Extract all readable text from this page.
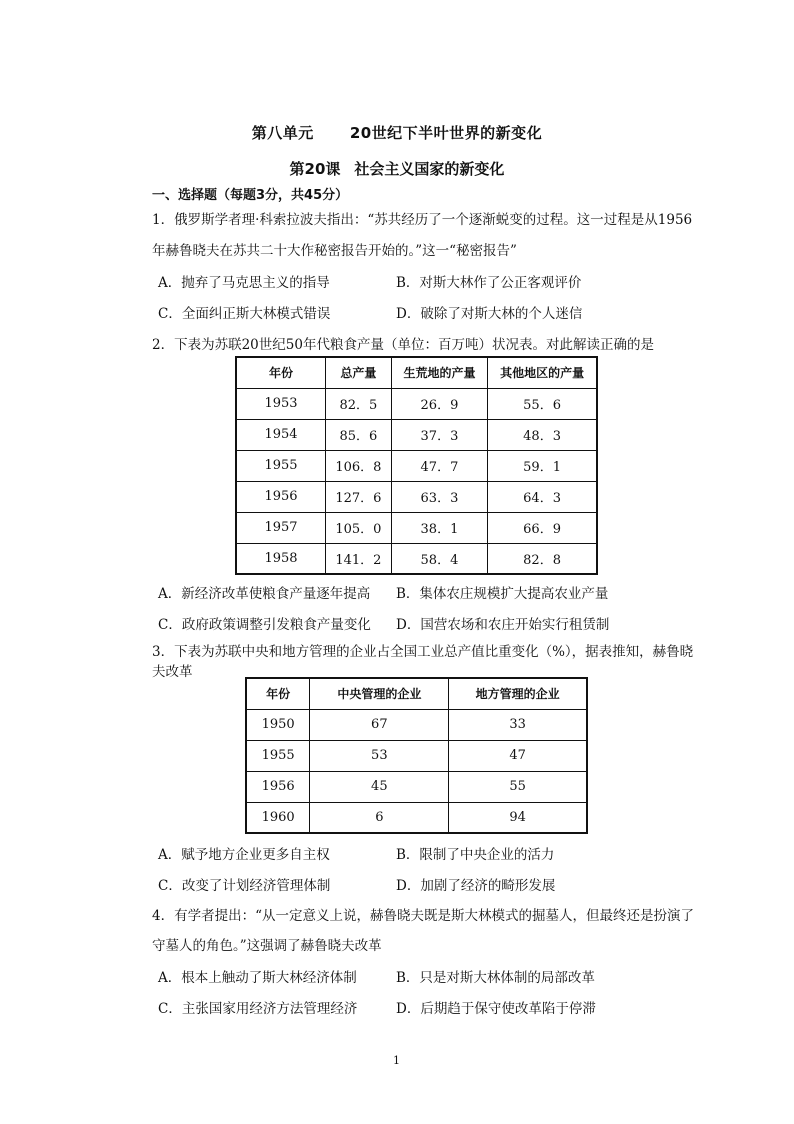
第八单元 20世纪下半叶世界的新变化
第20课 社会主义国家的新变化
一、选择题（每题3分，共45分）
1．俄罗斯学者理·科索拉波夫指出：“苏共经历了一个逐渐蜕变的过程。这一过程是从1956
年赫鲁晓夫在苏共二十大作秘密报告开始的。”这一“秘密报告”
A．抛弃了马克思主义的指导	B．对斯大林作了公正客观评价
C．全面纠正斯大林模式错误	D．破除了对斯大林的个人迷信
2．下表为苏联20世纪50年代粮食产量（单位：百万吨）状况表。对此解读正确的是
年份	总产量	生荒地的产量	其他地区的产量
1953	82．5	26．9	55．6
1954	85．6	37．3	48．3
1955	106．8	47．7	59．1
1956	127．6	63．3	64．3
1957	105．0	38．1	66．9
1958	141．2	58．4	82．8
A．新经济改革使粮食产量逐年提高 B．集体农庄规模扩大提高农业产量
C．政府政策调整引发粮食产量变化 D．国营农场和农庄开始实行租赁制
3．下表为苏联中央和地方管理的企业占全国工业总产值比重变化（%），据表推知，赫鲁晓
夫改革
年份	中央管理的企业	地方管理的企业
1950	67	33
1955	53	47
1956	45	55
1960	6	94
A．赋予地方企业更多自主权	B．限制了中央企业的活力
C．改变了计划经济管理体制	D．加剧了经济的畸形发展
4．有学者提出：“从一定意义上说，赫鲁晓夫既是斯大林模式的掘墓人，但最终还是扮演了
守墓人的角色。”这强调了赫鲁晓夫改革
A．根本上触动了斯大林经济体制	B．只是对斯大林体制的局部改革
C．主张国家用经济方法管理经济	D．后期趋于保守使改革陷于停滞
1
